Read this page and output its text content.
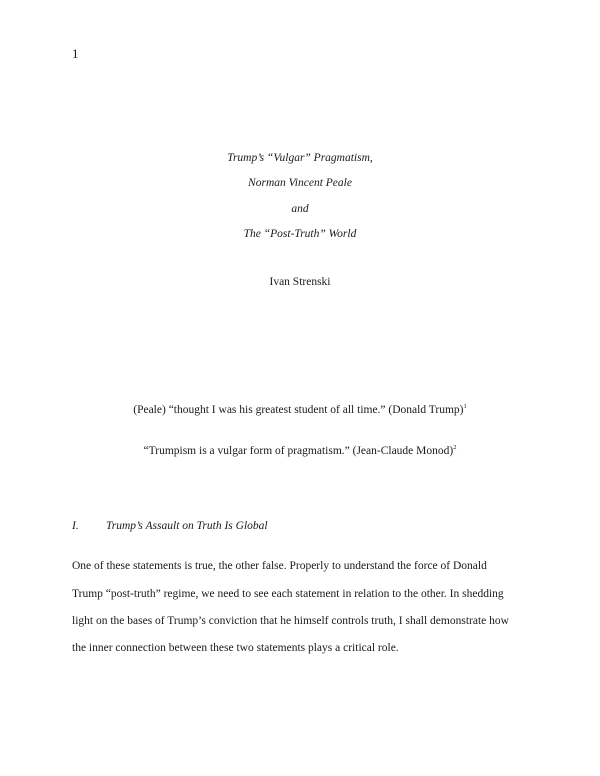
1
Trump’s “Vulgar” Pragmatism,
Norman Vincent Peale
and
The “Post-Truth” World
Ivan Strenski
(Peale) “thought I was his greatest student of all time.” (Donald Trump)$^1$
“Trumpism is a vulgar form of pragmatism.” (Jean-Claude Monod)$^2$
I. Trump’s Assault on Truth Is Global
One of these statements is true, the other false. Properly to understand the force of Donald
Trump “post-truth” regime, we need to see each statement in relation to the other. In shedding
light on the bases of Trump’s conviction that he himself controls truth, I shall demonstrate how
the inner connection between these two statements plays a critical role.
